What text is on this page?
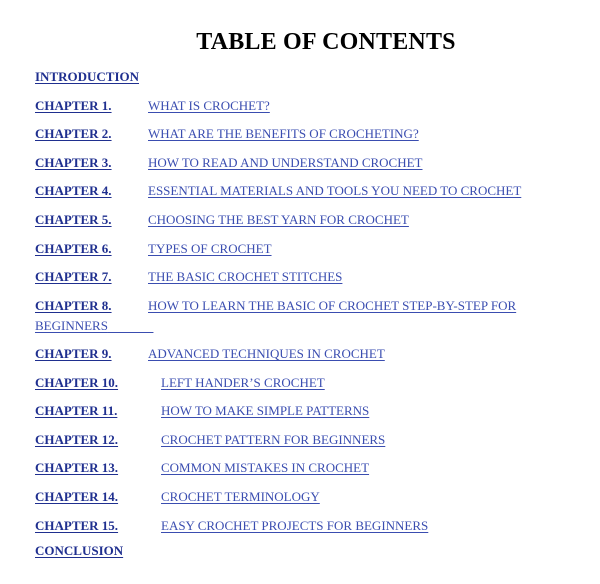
TABLE OF CONTENTS
INTRODUCTION
CHAPTER 1.	WHAT IS CROCHET?
CHAPTER 2.	WHAT ARE THE BENEFITS OF CROCHETING?
CHAPTER 3.	HOW TO READ AND UNDERSTAND CROCHET
CHAPTER 4.	ESSENTIAL MATERIALS AND TOOLS YOU NEED TO CROCHET
CHAPTER 5.	CHOOSING THE BEST YARN FOR CROCHET
CHAPTER 6.	TYPES OF CROCHET
CHAPTER 7.	THE BASIC CROCHET STITCHES
CHAPTER 8.	HOW TO LEARN THE BASIC OF CROCHET STEP-BY-STEP FOR
BEGINNERS
CHAPTER 9.	ADVANCED TECHNIQUES IN CROCHET
CHAPTER 10.	LEFT HANDER’S CROCHET
CHAPTER 11.	HOW TO MAKE SIMPLE PATTERNS
CHAPTER 12.	CROCHET PATTERN FOR BEGINNERS
CHAPTER 13.	COMMON MISTAKES IN CROCHET
CHAPTER 14.	CROCHET TERMINOLOGY
CHAPTER 15.	EASY CROCHET PROJECTS FOR BEGINNERS
CONCLUSION
